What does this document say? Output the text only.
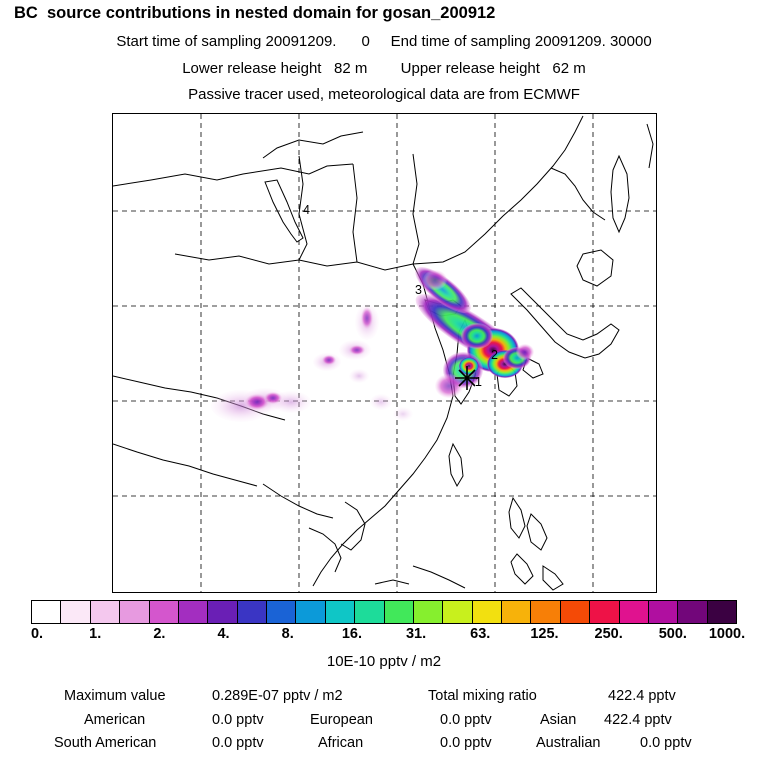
BC  source contributions in nested domain for gosan_200912
Start time of sampling 20091209.      0     End time of sampling 20091209. 30000
Lower release height   82 m        Upper release height   62 m
Passive tracer used, meteorological data are from ECMWF
4
3
2
1
0.	1.	2.	4.	8.	16.	31.	63.	125. 250. 500. 1000.
10E-10 pptv / m2
Maximum value	0.289E-07 pptv / m2	Total mixing ratio	422.4 pptv
American	0.0 pptv	European	0.0 pptv	Asian 422.4 pptv
South American	0.0 pptv	African	0.0 pptv	Australian	0.0 pptv
